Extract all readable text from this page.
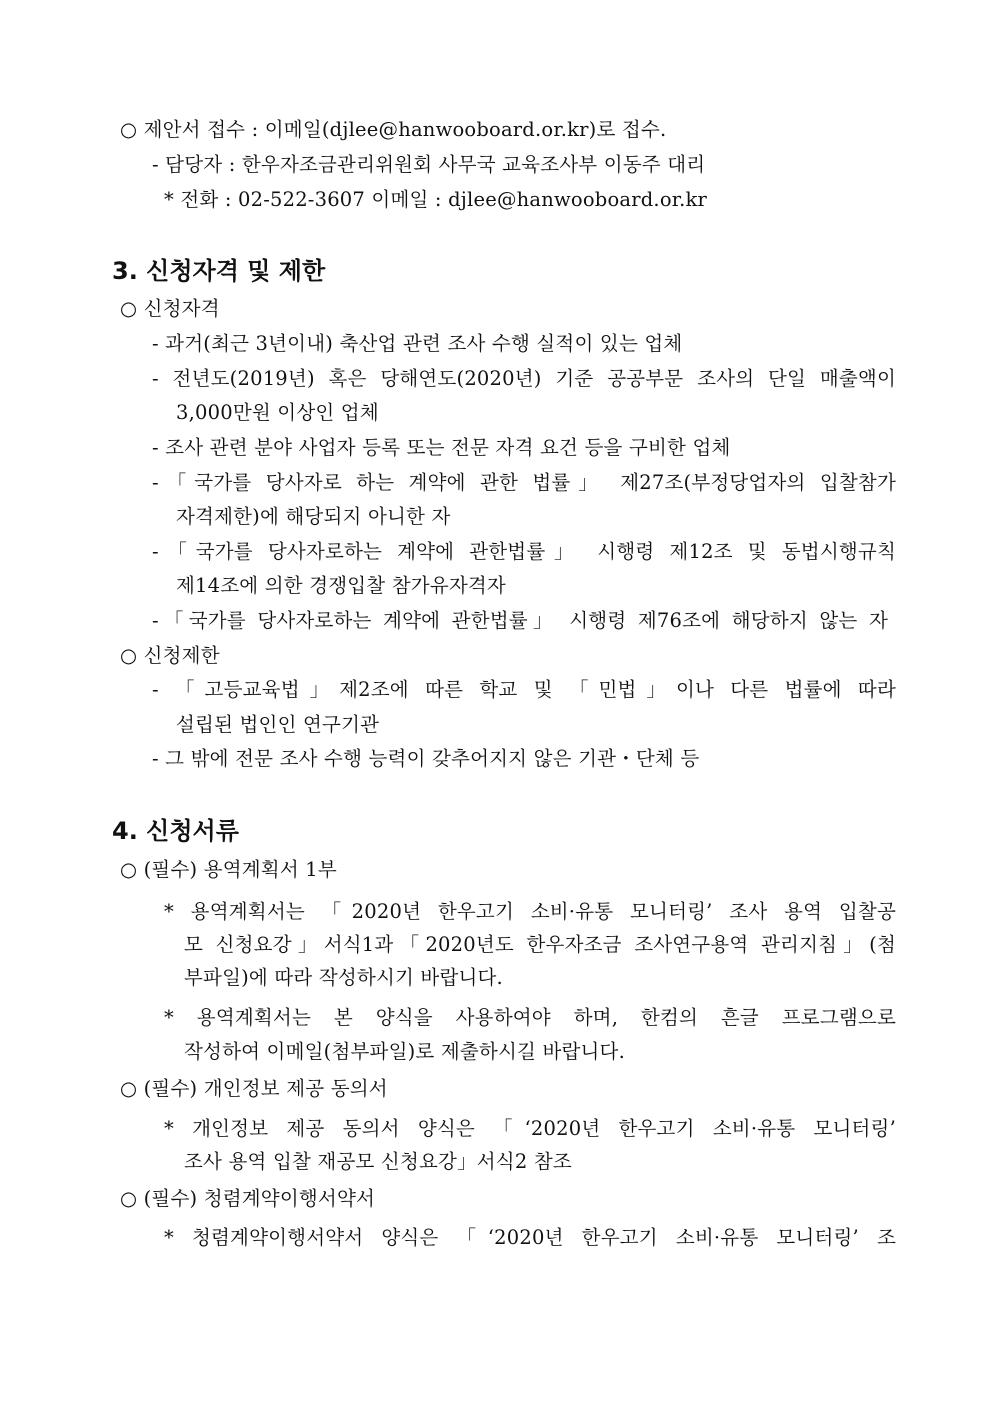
○ 제안서 접수 : 이메일(djlee@hanwooboard.or.kr)로 접수.
- 담당자 : 한우자조금관리위원회 사무국 교육조사부 이동주 대리
* 전화 : 02-522-3607 이메일 : djlee@hanwooboard.or.kr
3. 신청자격 및 제한
○ 신청자격
- 과거(최근 3년이내) 축산업 관련 조사 수행 실적이 있는 업체
- 전년도(2019년) 혹은 당해연도(2020년) 기준 공공부문 조사의 단일 매출액이
3,000만원 이상인 업체
- 조사 관련 분야 사업자 등록 또는 전문 자격 요건 등을 구비한 업체
-「국가를 당사자로 하는 계약에 관한 법률」 제27조(부정당업자의 입찰참가
자격제한)에 해당되지 아니한 자
-「국가를 당사자로하는 계약에 관한법률」 시행령 제12조 및 동법시행규칙
제14조에 의한 경쟁입찰 참가유자격자
-「국가를 당사자로하는 계약에 관한법률」 시행령 제76조에 해당하지 않는 자
○ 신청제한
- 「고등교육법」제2조에 따른 학교 및 「민법」이나 다른 법률에 따라
설립된 법인인 연구기관
- 그 밖에 전문 조사 수행 능력이 갖추어지지 않은 기관・단체 등
4. 신청서류
○ (필수) 용역계획서 1부
* 용역계획서는 「2020년 한우고기 소비·유통 모니터링’ 조사 용역 입찰공
모 신청요강」서식1과「2020년도 한우자조금 조사연구용역 관리지침」(첨
부파일)에 따라 작성하시기 바랍니다.
* 용역계획서는 본 양식을 사용하여야 하며, 한컴의 흔글 프로그램으로
작성하여 이메일(첨부파일)로 제출하시길 바랍니다.
○ (필수) 개인정보 제공 동의서
* 개인정보 제공 동의서 양식은 「‘2020년 한우고기 소비·유통 모니터링’
조사 용역 입찰 재공모 신청요강」서식2 참조
○ (필수) 청렴계약이행서약서
* 청렴계약이행서약서 양식은 「‘2020년 한우고기 소비·유통 모니터링’ 조
